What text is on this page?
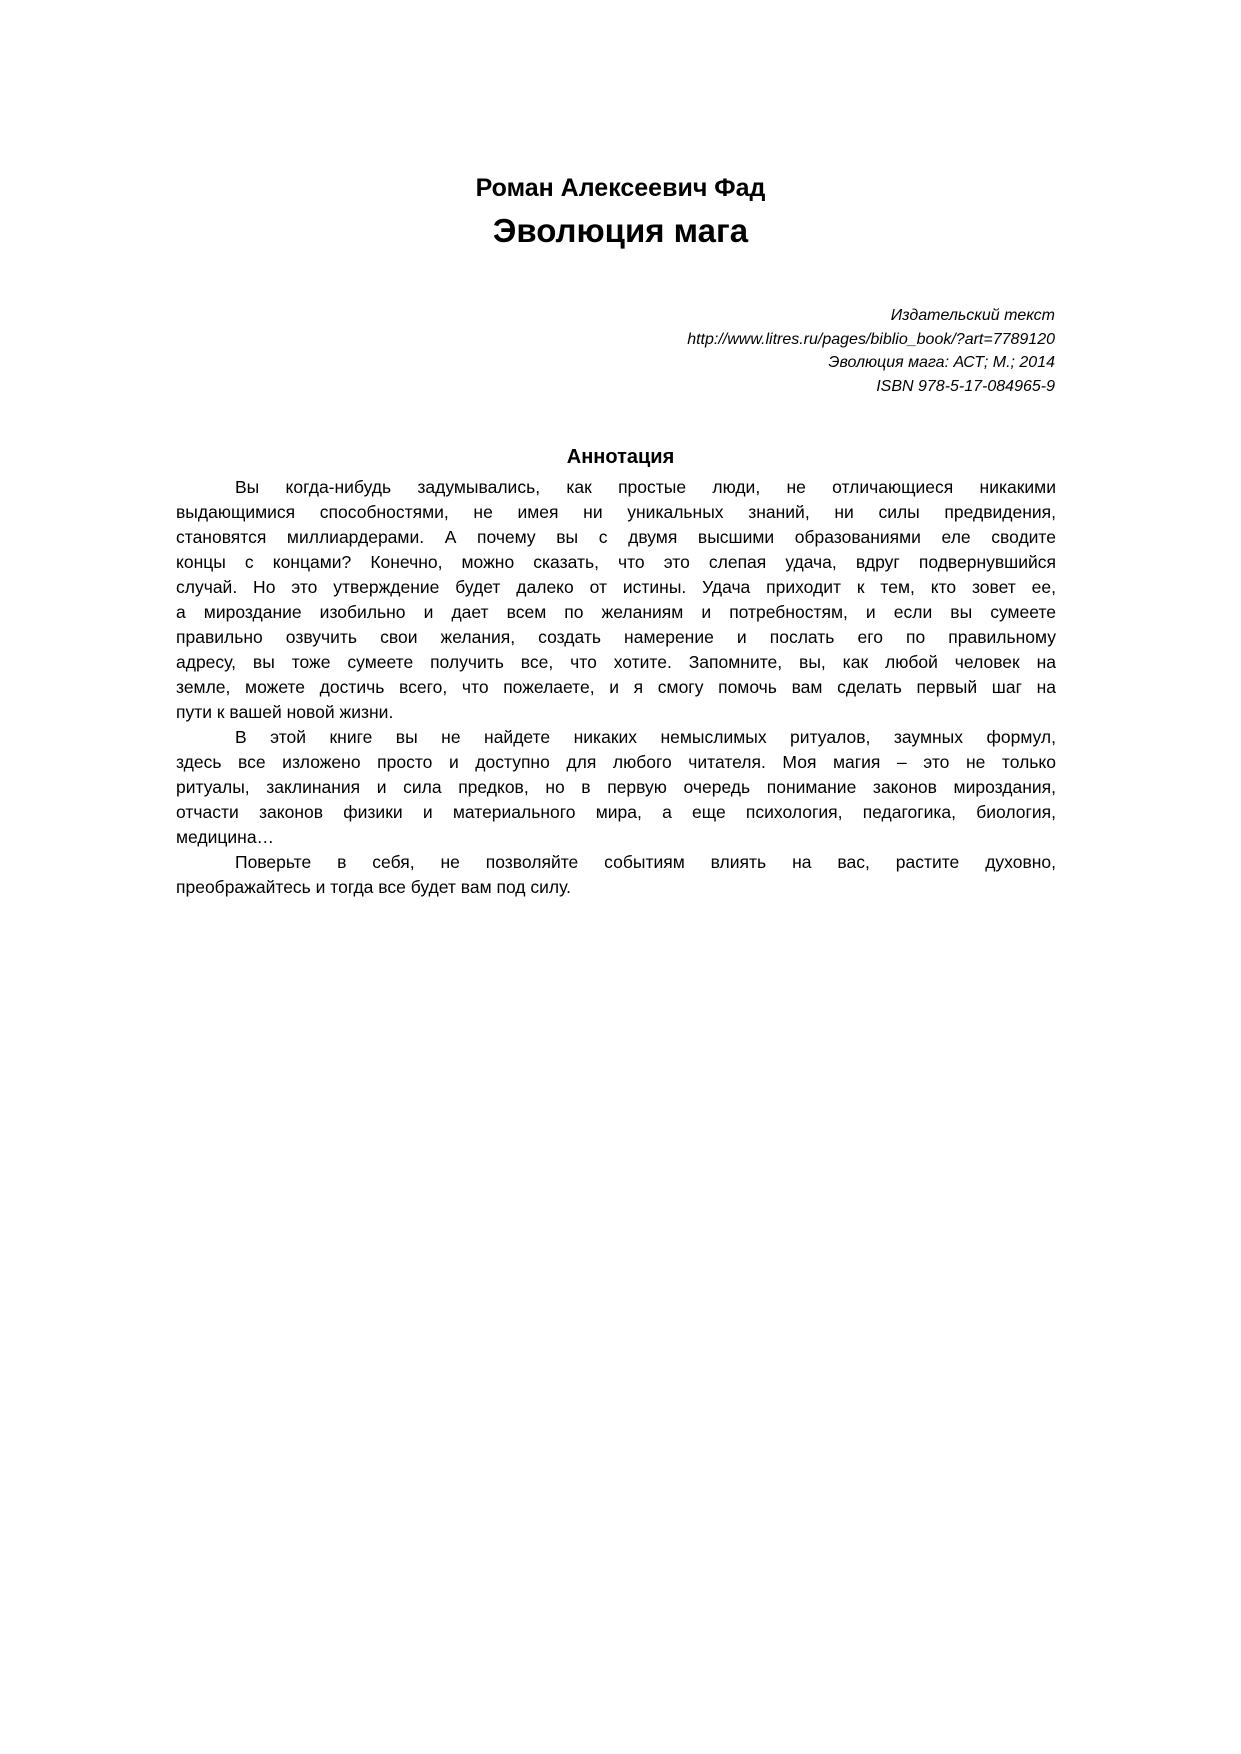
Роман Алексеевич Фад
Эволюция мага
Издательский текст
http://www.litres.ru/pages/biblio_book/?art=7789120
Эволюция мага: АСТ; М.; 2014
ISBN 978-5-17-084965-9
Аннотация
Вы когда-нибудь задумывались, как простые люди, не отличающиеся никакими
выдающимися способностями, не имея ни уникальных знаний, ни силы предвидения,
становятся миллиардерами. А почему вы с двумя высшими образованиями еле сводите
концы с концами? Конечно, можно сказать, что это слепая удача, вдруг подвернувшийся
случай. Но это утверждение будет далеко от истины. Удача приходит к тем, кто зовет ее,
а мироздание изобильно и дает всем по желаниям и потребностям, и если вы сумеете
правильно озвучить свои желания, создать намерение и послать его по правильному
адресу, вы тоже сумеете получить все, что хотите. Запомните, вы, как любой человек на
земле, можете достичь всего, что пожелаете, и я смогу помочь вам сделать первый шаг на
пути к вашей новой жизни.
В этой книге вы не найдете никаких немыслимых ритуалов, заумных формул,
здесь все изложено просто и доступно для любого читателя. Моя магия – это не только
ритуалы, заклинания и сила предков, но в первую очередь понимание законов мироздания,
отчасти законов физики и материального мира, а еще психология, педагогика, биология,
медицина…
Поверьте в себя, не позволяйте событиям влиять на вас, растите духовно,
преображайтесь и тогда все будет вам под силу.
